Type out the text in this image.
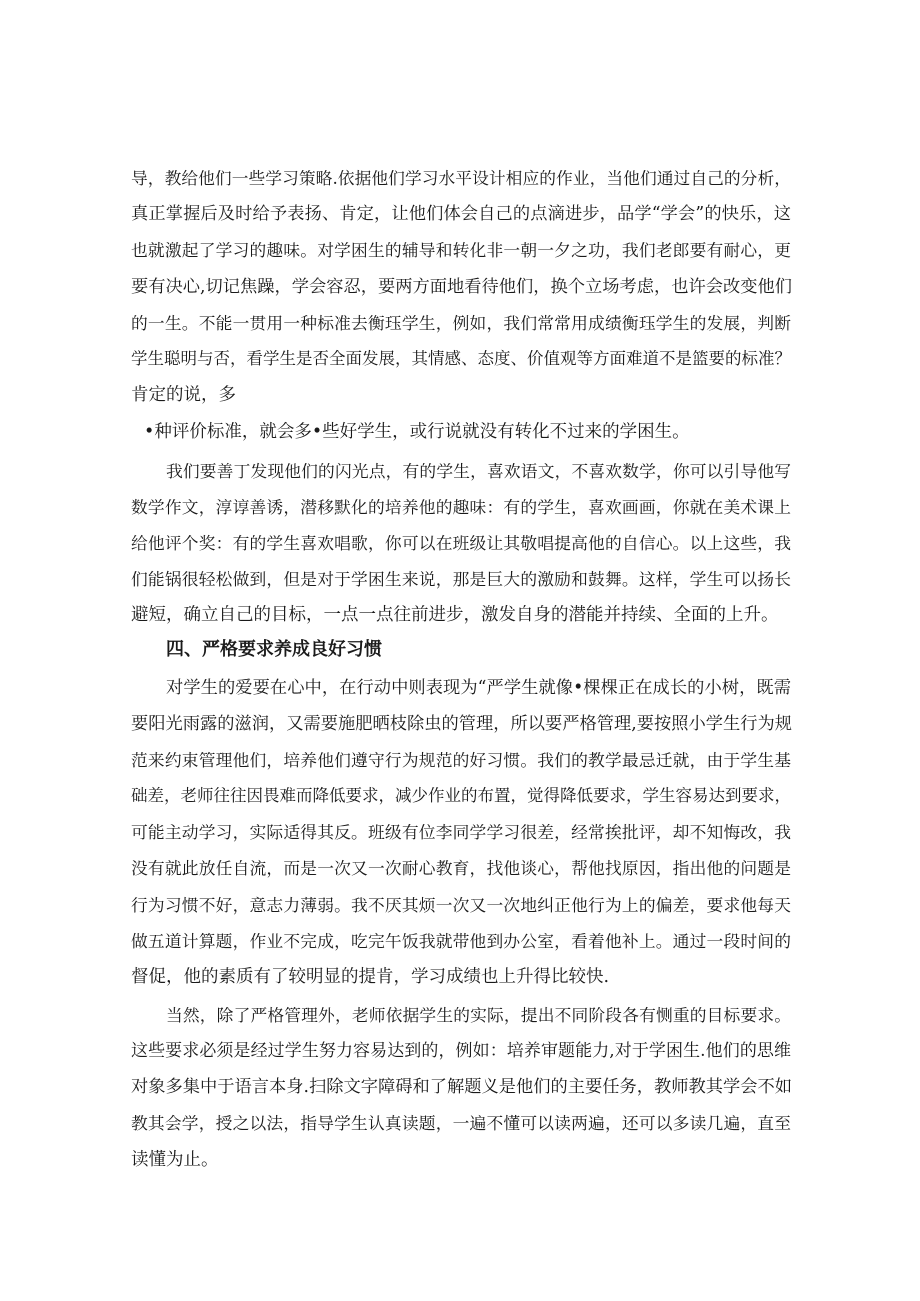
导，教给他们一些学习策略.依据他们学习水平设计相应的作业，当他们通过自己的分析，
真正掌握后及时给予表扬、肯定，让他们体会自己的点滴进步，品学“学会”的快乐，这
也就激起了学习的趣味。对学困生的辅导和转化非一朝一夕之功，我们老郎要有耐心，更
要有决心,切记焦躁，学会容忍，要两方面地看待他们，换个立场考虑，也许会改变他们
的一生。不能一贯用一种标准去衡珏学生，例如，我们常常用成绩衡珏学生的发展，判断
学生聪明与否，看学生是否全面发展，其情感、态度、价值观等方面难道不是篮要的标准？
肯定的说，多
•种评价标准，就会多•些好学生，或行说就没有转化不过来的学困生。
我们要善丁发现他们的闪光点，有的学生，喜欢语文，不喜欢数学，你可以引导他写
数学作文，淳谆善诱，潜移默化的培养他的趣味：有的学生，喜欢画画，你就在美术课上
给他评个奖：有的学生喜欢唱歌，你可以在班级让其敬唱提高他的自信心。以上这些，我
们能锅很轻松做到，但是对于学困生来说，那是巨大的激励和鼓舞。这样，学生可以扬长
避短，确立自己的目标，一点一点往前进步，激发自身的潜能并持续、全面的上升。
四、严格要求养成良好习惯
对学生的爱要在心中，在行动中则表现为“严学生就像•棵棵正在成长的小树，既需
要阳光雨露的滋润，又需要施肥晒枝除虫的管理，所以要严格管理,要按照小学生行为规
范来约束管理他们，培养他们遵守行为规范的好习惯。我们的教学最忌迁就，由于学生基
础差，老师往往因畏难而降低要求，减少作业的布置，觉得降低要求，学生容易达到要求，
可能主动学习，实际适得其反。班级有位李同学学习很差，经常挨批评，却不知悔改，我
没有就此放任自流，而是一次又一次耐心教育，找他谈心，帮他找原因，指出他的问题是
行为习惯不好，意志力薄弱。我不厌其烦一次又一次地纠正他行为上的偏差，要求他每天
做五道计算题，作业不完成，吃完午饭我就带他到办公室，看着他补上。通过一段时间的
督促，他的素质有了较明显的提肯，学习成绩也上升得比较快.
当然，除了严格管理外，老师依据学生的实际，提出不同阶段各有恻重的目标要求。
这些要求必须是经过学生努力容易达到的，例如：培养审题能力,对于学困生.他们的思维
对象多集中于语言本身.扫除文字障碍和了解题义是他们的主要任务，教师教其学会不如
教其会学，授之以法，指导学生认真读题，一遍不懂可以读两遍，还可以多读几遍，直至
读懂为止。
